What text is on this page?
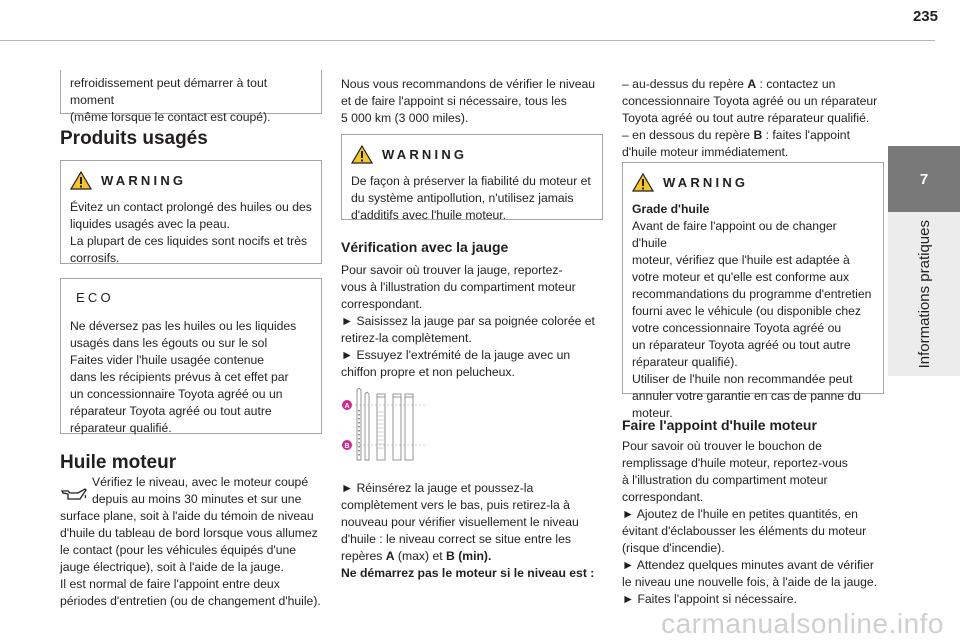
235
7
Informations pratiques

refroidissement peut démarrer à tout moment

(même lorsque le contact est coupé).

Produits usagés
WARNING

Évitez un contact prolongé des huiles ou des

liquides usagés avec la peau.

La plupart de ces liquides sont nocifs et très

corrosifs.

ECO

Ne déversez pas les huiles ou les liquides

usagés dans les égouts ou sur le sol

Faites vider l'huile usagée contenue

dans les récipients prévus à cet effet par

un concessionnaire Toyota agréé ou un

réparateur Toyota agréé ou tout autre

réparateur qualifié.

Huile moteur

Vérifiez le niveau, avec le moteur coupé

depuis au moins 30 minutes et sur une

surface plane, soit à l'aide du témoin de niveau

d'huile du tableau de bord lorsque vous allumez

le contact (pour les véhicules équipés d'une

jauge électrique), soit à l'aide de la jauge.

Il est normal de faire l'appoint entre deux

périodes d'entretien (ou de changement d'huile).

Nous vous recommandons de vérifier le niveau

et de faire l'appoint si nécessaire, tous les

5 000 km (3 000 miles).

WARNING

De façon à préserver la fiabilité du moteur et

du système antipollution, n'utilisez jamais

d'additifs avec l'huile moteur.

Vérification avec la jauge

Pour savoir où trouver la jauge, reportez-

vous à l'illustration du compartiment moteur

correspondant.

► Saisissez la jauge par sa poignée colorée et

retirez-la complètement.

► Essuyez l'extrémité de la jauge avec un

chiffon propre et non pelucheux.

A
B

► Réinsérez la jauge et poussez-la

complètement vers le bas, puis retirez-la à

nouveau pour vérifier visuellement le niveau

d'huile : le niveau correct se situe entre les

repères A (max) et B (min).

Ne démarrez pas le moteur si le niveau est :

– au-dessus du repère A : contactez un

concessionnaire Toyota agréé ou un réparateur

Toyota agréé ou tout autre réparateur qualifié.

– en dessous du repère B : faites l'appoint

d'huile moteur immédiatement.

WARNING

Grade d'huile

Avant de faire l'appoint ou de changer d'huile

moteur, vérifiez que l'huile est adaptée à

votre moteur et qu'elle est conforme aux

recommandations du programme d'entretien

fourni avec le véhicule (ou disponible chez

votre concessionnaire Toyota agréé ou

un réparateur Toyota agréé ou tout autre

réparateur qualifié).

Utiliser de l'huile non recommandée peut

annuler votre garantie en cas de panne du

moteur.

Faire l'appoint d'huile moteur

Pour savoir où trouver le bouchon de

remplissage d'huile moteur, reportez-vous

à l'illustration du compartiment moteur

correspondant.

► Ajoutez de l'huile en petites quantités, en

évitant d'éclabousser les éléments du moteur

(risque d'incendie).

► Attendez quelques minutes avant de vérifier

le niveau une nouvelle fois, à l'aide de la jauge.

► Faites l'appoint si nécessaire.

carmanualsonline.info
